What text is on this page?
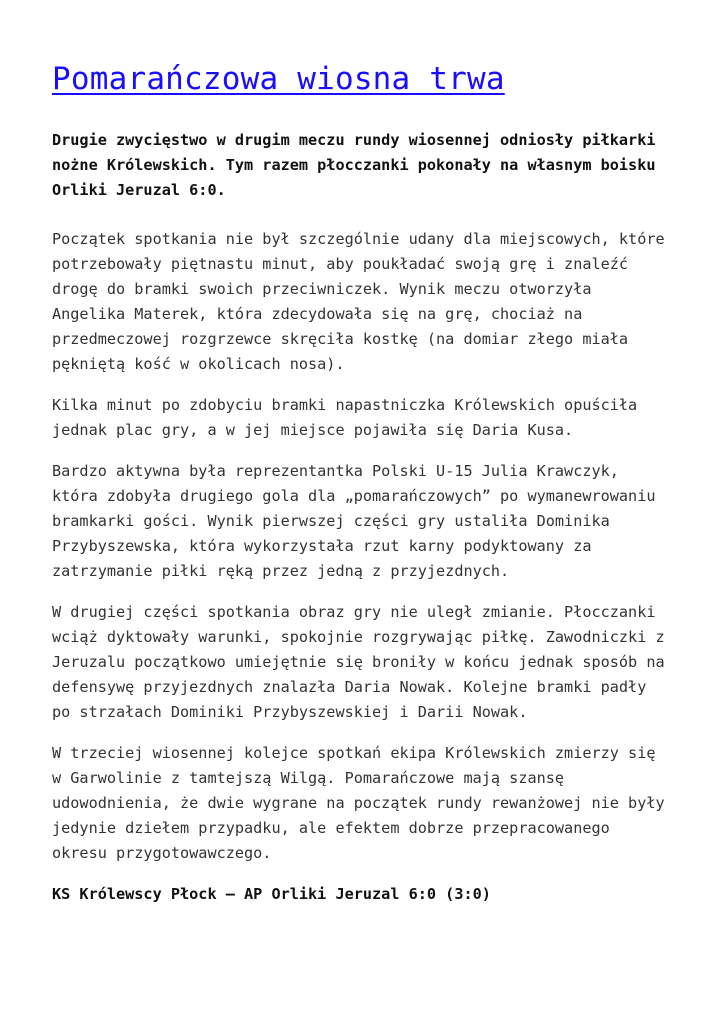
Pomarańczowa wiosna trwa

Drugie zwycięstwo w drugim meczu rundy wiosennej odniosły piłkarki nożne Królewskich. Tym razem płocczanki pokonały na własnym boisku Orliki Jeruzal 6:0.

Początek spotkania nie był szczególnie udany dla miejscowych, które potrzebowały piętnastu minut, aby poukładać swoją grę i znaleźć drogę do bramki swoich przeciwniczek. Wynik meczu otworzyła Angelika Materek, która zdecydowała się na grę, chociaż na przedmeczowej rozgrzewce skręciła kostkę (na domiar złego miała pękniętą kość w okolicach nosa).

Kilka minut po zdobyciu bramki napastniczka Królewskich opuściła jednak plac gry, a w jej miejsce pojawiła się Daria Kusa.

Bardzo aktywna była reprezentantka Polski U-15 Julia Krawczyk, która zdobyła drugiego gola dla „pomarańczowych” po wymanewrowaniu bramkarki gości. Wynik pierwszej części gry ustaliła Dominika Przybyszewska, która wykorzystała rzut karny podyktowany za zatrzymanie piłki ręką przez jedną z przyjezdnych.

W drugiej części spotkania obraz gry nie uległ zmianie. Płocczanki wciąż dyktowały warunki, spokojnie rozgrywając piłkę. Zawodniczki z Jeruzalu początkowo umiejętnie się broniły w końcu jednak sposób na defensywę przyjezdnych znalazła Daria Nowak. Kolejne bramki padły po strzałach Dominiki Przybyszewskiej i Darii Nowak.

W trzeciej wiosennej kolejce spotkań ekipa Królewskich zmierzy się w Garwolinie z tamtejszą Wilgą. Pomarańczowe mają szansę udowodnienia, że dwie wygrane na początek rundy rewanżowej nie były jedynie dziełem przypadku, ale efektem dobrze przepracowanego okresu przygotowawczego.

KS Królewscy Płock – AP Orliki Jeruzal 6:0 (3:0)
